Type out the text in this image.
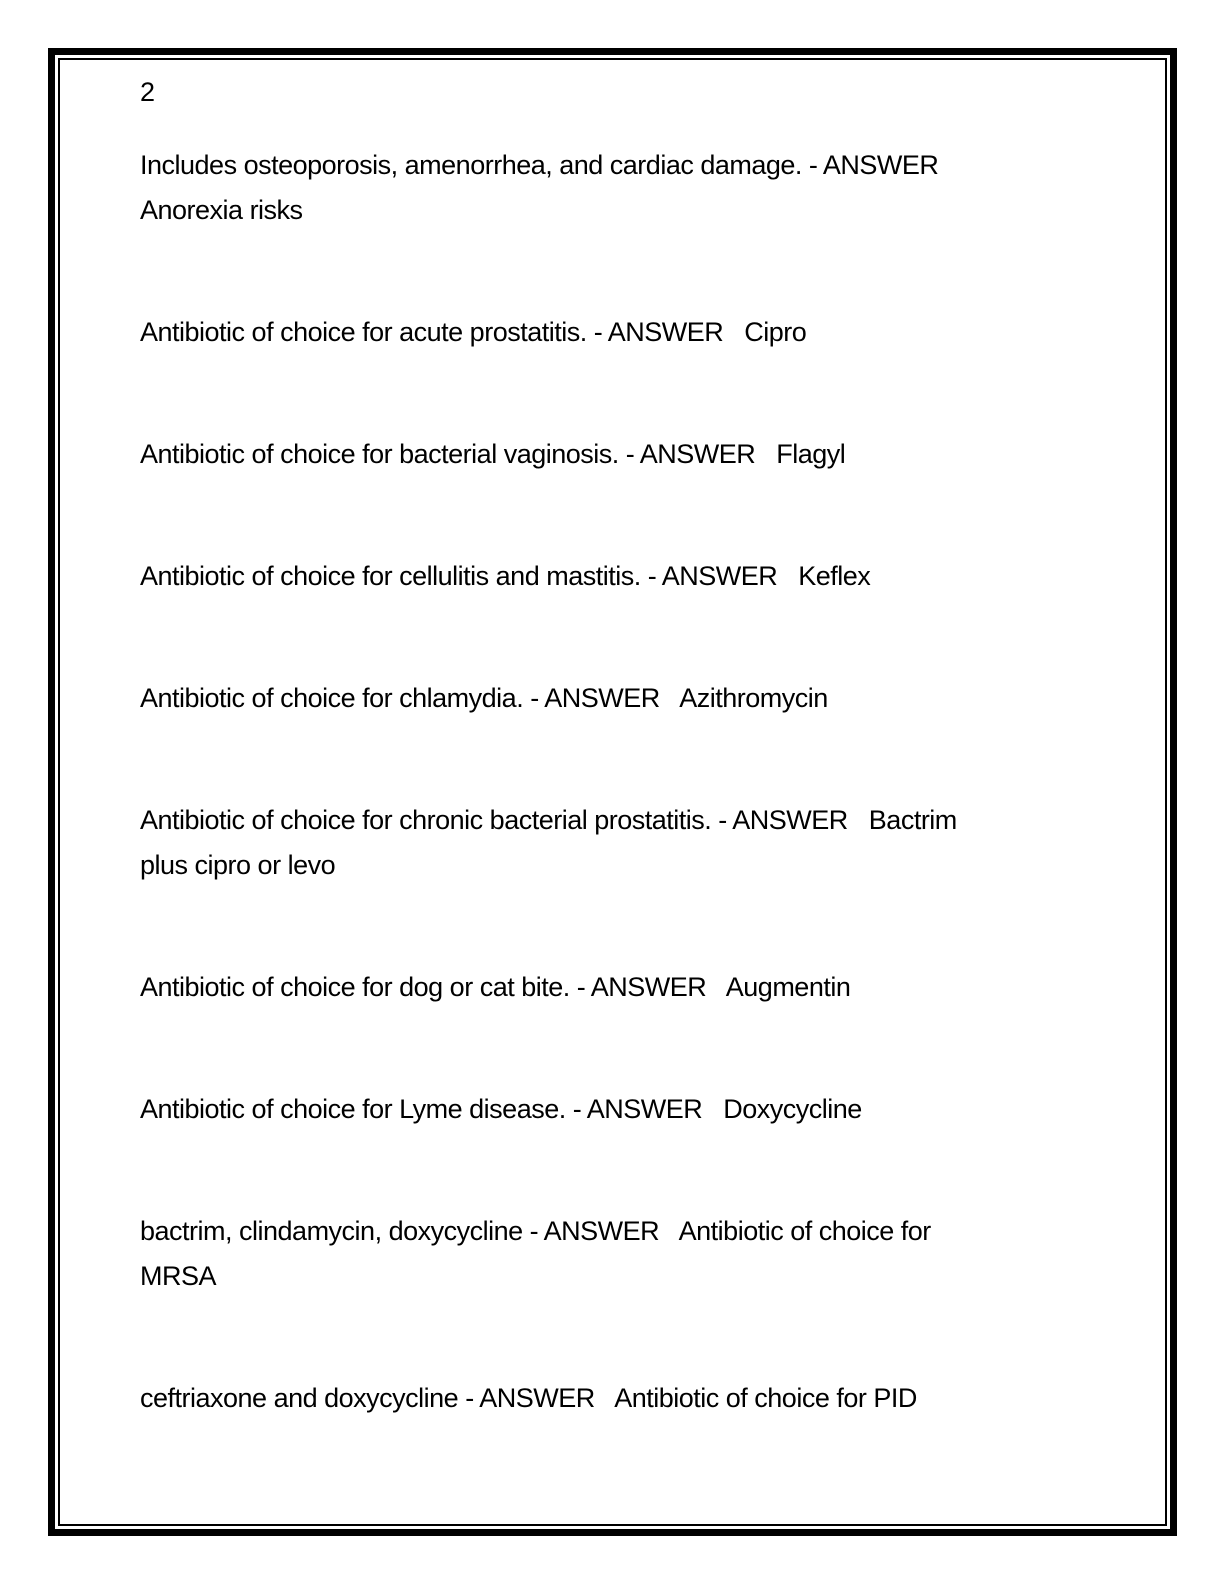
2
Includes osteoporosis, amenorrhea, and cardiac damage. - ANSWER
Anorexia risks
Antibiotic of choice for acute prostatitis. - ANSWER   Cipro
Antibiotic of choice for bacterial vaginosis. - ANSWER   Flagyl
Antibiotic of choice for cellulitis and mastitis. - ANSWER   Keflex
Antibiotic of choice for chlamydia. - ANSWER   Azithromycin
Antibiotic of choice for chronic bacterial prostatitis. - ANSWER   Bactrim
plus cipro or levo
Antibiotic of choice for dog or cat bite. - ANSWER   Augmentin
Antibiotic of choice for Lyme disease. - ANSWER   Doxycycline
bactrim, clindamycin, doxycycline - ANSWER   Antibiotic of choice for
MRSA
ceftriaxone and doxycycline - ANSWER   Antibiotic of choice for PID
